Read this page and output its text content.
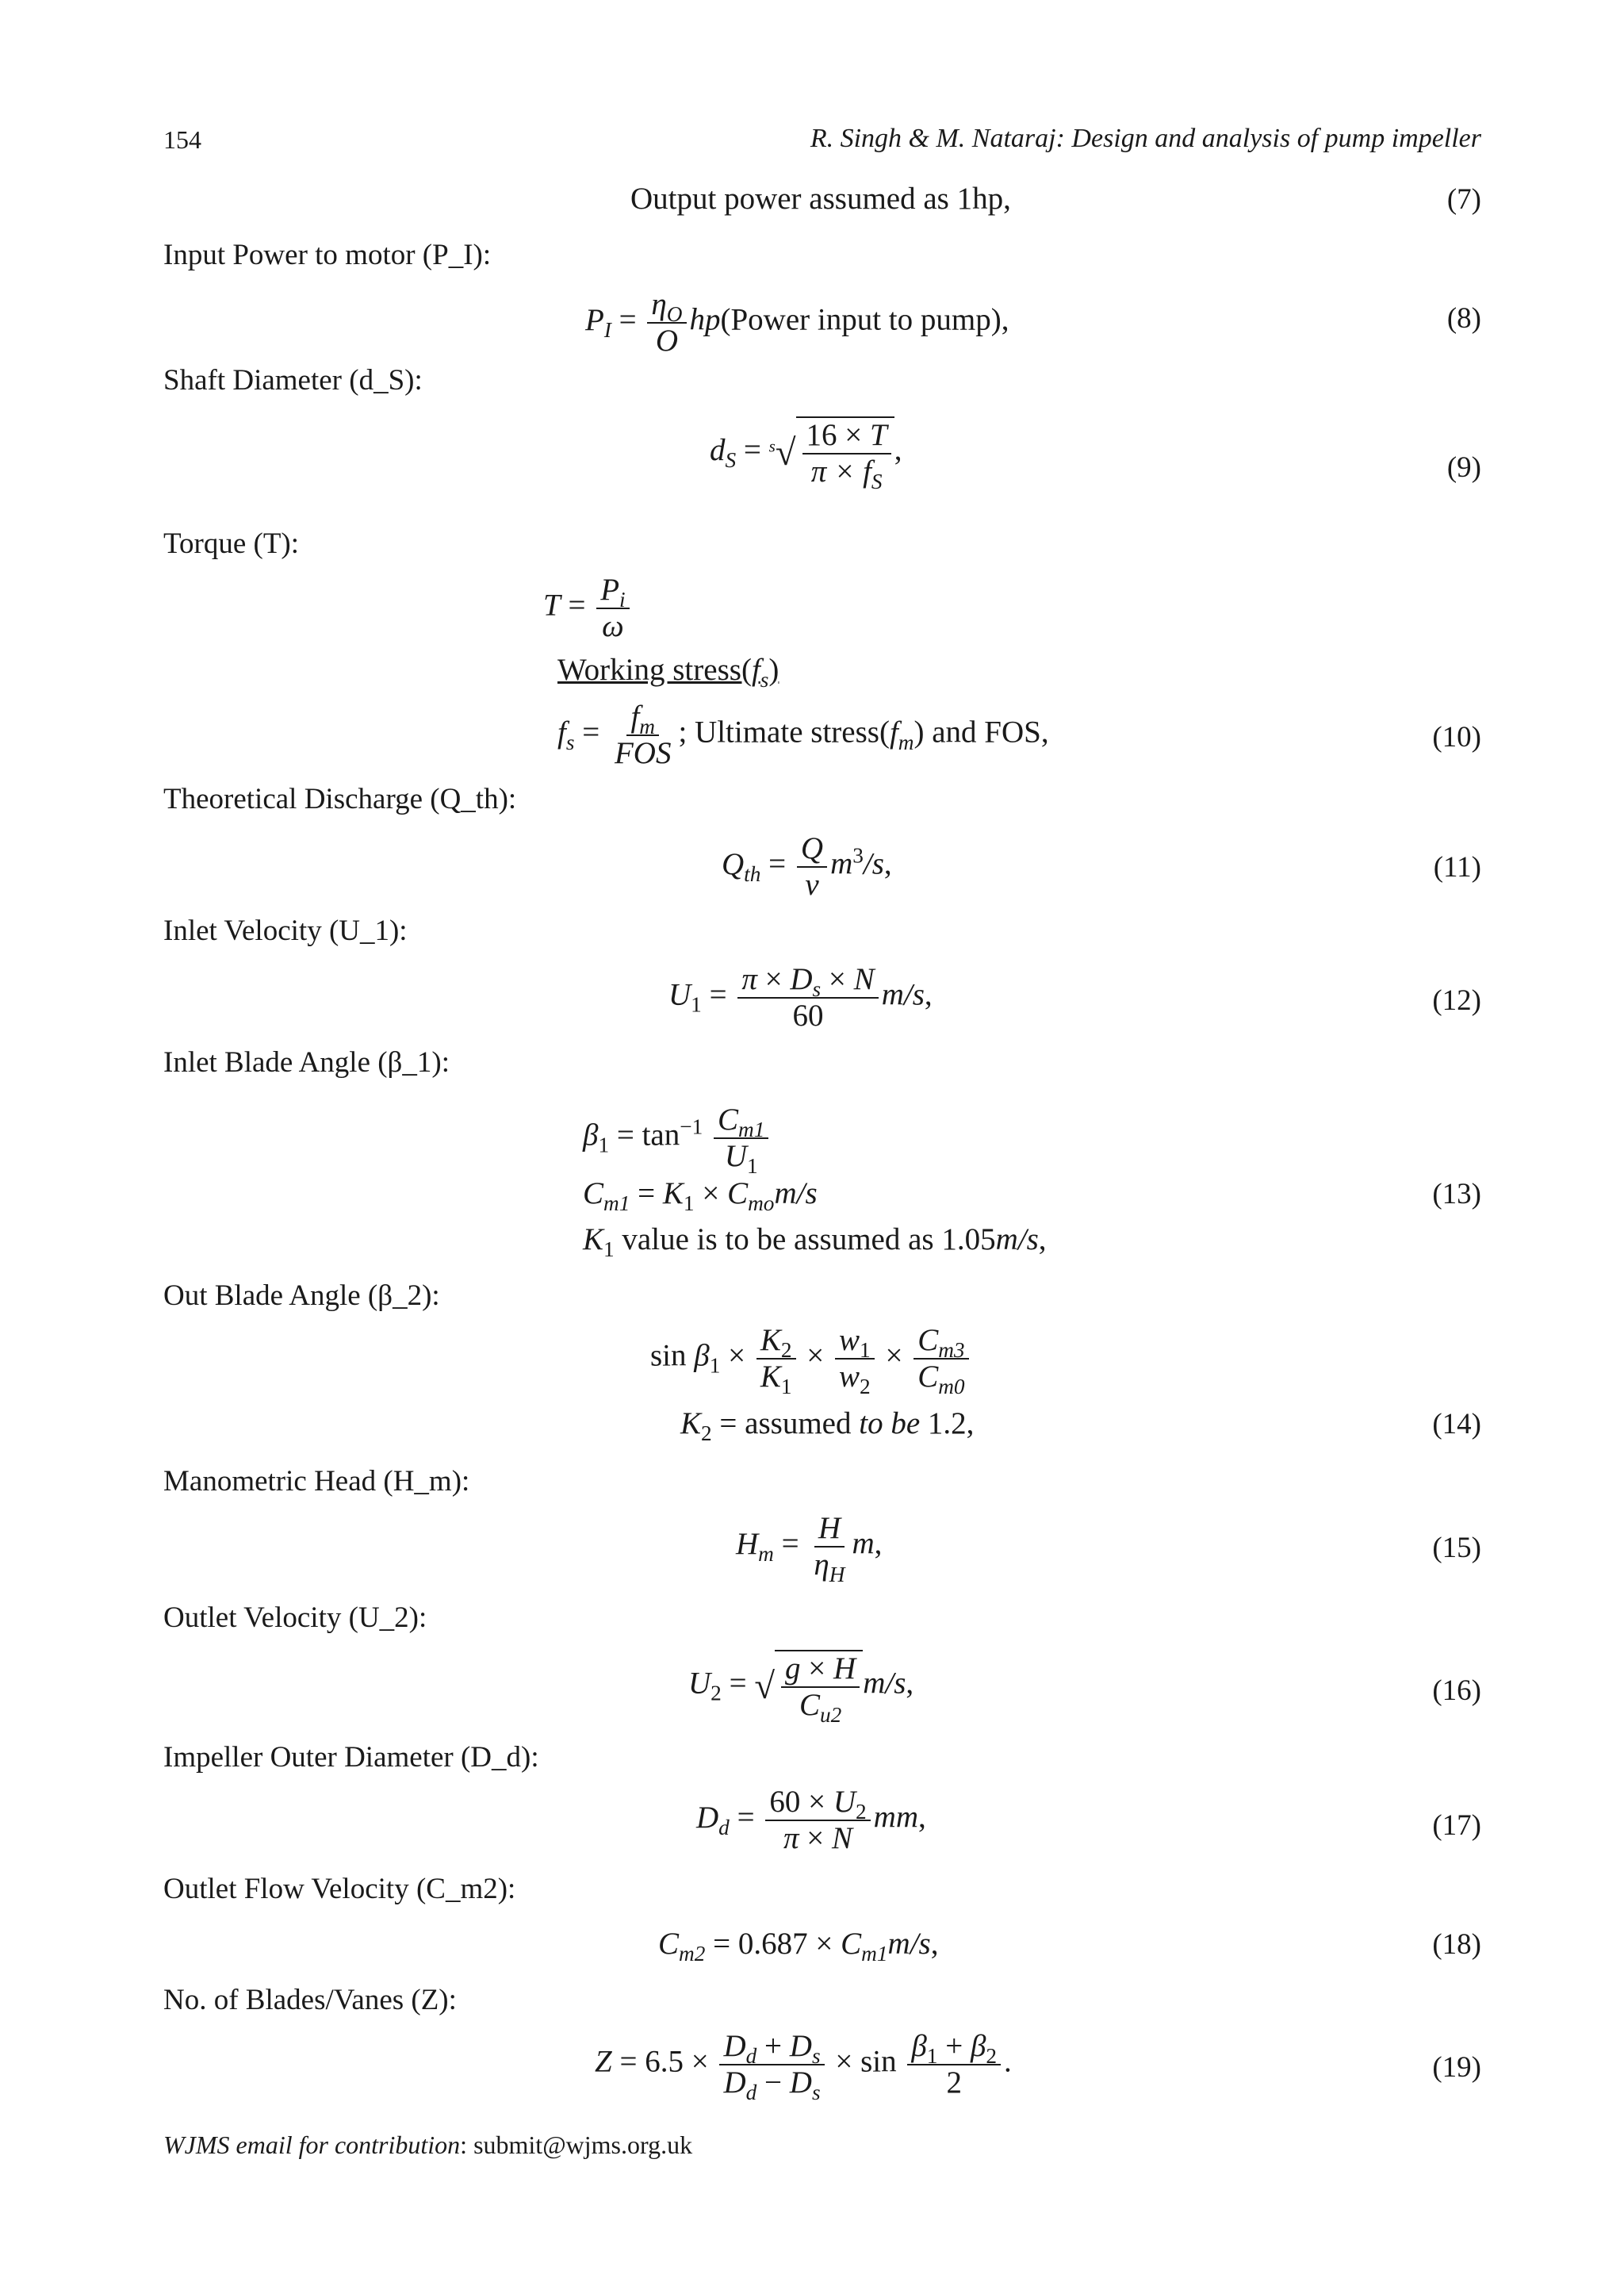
154	R. Singh & M. Nataraj: Design and analysis of pump impeller
Output power assumed as 1hp,	(7)
Input Power to motor (P_I):
$P_I = \frac{\eta_O}{O}$ hp(Power input to pump),	(8)
Shaft Diameter (d_S):
$d_S = ^s√ \frac{16 \times T}{\pi \times f_S}$ ,
(9)
Torque (T):
$T = \frac{P_i}{\omega}$
Working $stress(f_s)$
$f_s = \frac{f_m}{\text{FOS}}$ ; Ultimate $stress(f_m)$ and FOS,	(10)
Theoretical Discharge (Q_th):
$Q_{th} = \frac{Q}{v} m^3/s$,	(11)
Inlet Velocity (U_1):
$U_1 = \frac{\pi \times D_s \times N}{60} m/s$,	(12)
Inlet Blade Angle (β_1):
$\beta_1 = \tan^{-1} \frac{C_{m1}}{U_1}$
$C_{m1} = K_1 \times C_{mo}m/s$	(13)
$K_1$ value is to be assumed as 1.05m/s,
Out Blade Angle (β_2):
$\sin \beta_1 \times \frac{K_2}{K_1} \times \frac{w_1}{w_2} \times \frac{C_{m3}}{C_{m0}}$
$K_2$ = assumed to be 1.2,	(14)
Manometric Head (H_m):
$H_m = \frac{H}{\eta_H} m$,	(15)
Outlet Velocity (U_2):
$U_2$ = √ $\frac{g \times H}{C_{u2}} m/s$,	(16)
Impeller Outer Diameter (D_d):
$D_d = \frac{60 \times U_2}{\pi \times N}$ mm,	(17)
Outlet Flow Velocity (C_m2):
$C_{m2} = 0.687 \times C_{m1}m/s$,	(18)
No. of Blades/Vanes (Z):
$Z = 6.5 \times \frac{D_d + D_s}{D_d - D_s} \times \sin \frac{\beta_1 + \beta_2}{2}$ .	(19)
WJMS email for contribution: submit@wjms.org.uk
